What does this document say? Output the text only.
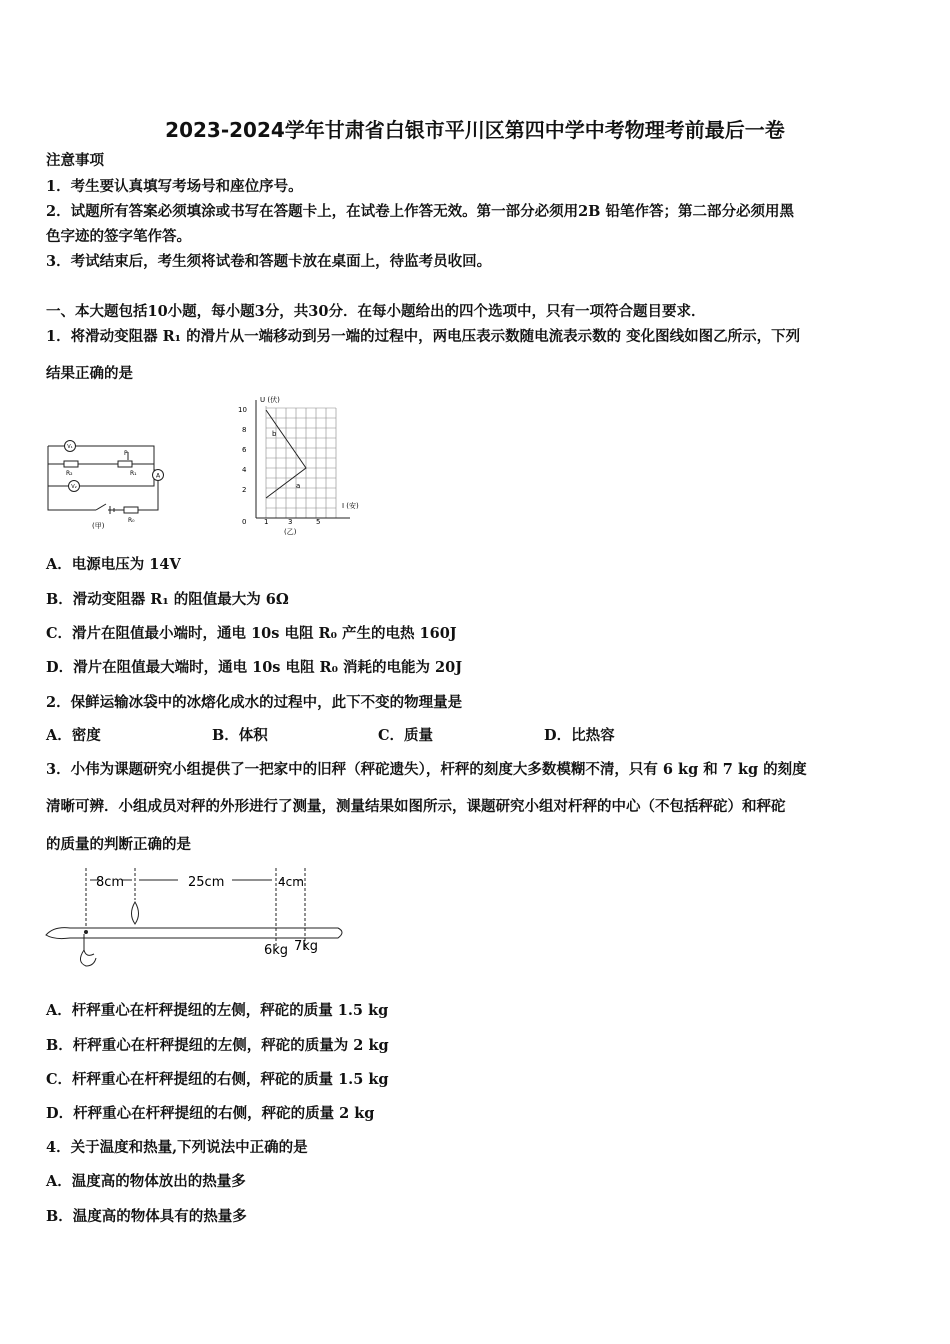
2023-2024学年甘肃省白银市平川区第四中学中考物理考前最后一卷
注意事项
1．考生要认真填写考场号和座位序号。
2．试题所有答案必须填涂或书写在答题卡上，在试卷上作答无效。第一部分必须用2B 铅笔作答；第二部分必须用黑
色字迹的签字笔作答。
3．考试结束后，考生须将试卷和答题卡放在桌面上，待监考员收回。
一、本大题包括10小题，每小题3分，共30分．在每小题给出的四个选项中，只有一项符合题目要求．
1．将滑动变阻器 R₁ 的滑片从一端移动到另一端的过程中，两电压表示数随电流表示数的 变化图线如图乙所示，下列
结果正确的是
V₁
V₂
A
R₂
P
R₁
R₀
(甲)
U (伏)
I (安)
10
8
6
4
2
0	1	3	5
b
a
(乙)
A．电源电压为 14V
B．滑动变阻器 R₁ 的阻值最大为 6Ω
C．滑片在阻值最小端时，通电 10s 电阻 R₀ 产生的电热 160J
D．滑片在阻值最大端时，通电 10s 电阻 R₀ 消耗的电能为 20J
2．保鲜运输冰袋中的冰熔化成水的过程中，此下不变的物理量是
A．密度	B．体积	C．质量	D．比热容
3．小伟为课题研究小组提供了一把家中的旧秤（秤砣遗失），杆秤的刻度大多数模糊不清，只有 6 kg 和 7 kg 的刻度
清晰可辨．小组成员对秤的外形进行了测量，测量结果如图所示，课题研究小组对杆秤的中心（不包括秤砣）和秤砣
的质量的判断正确的是
8cm	25cm	4cm
6kg 7kg
A．杆秤重心在杆秤提纽的左侧，秤砣的质量 1.5 kg
B．杆秤重心在杆秤提纽的左侧，秤砣的质量为 2 kg
C．杆秤重心在杆秤提纽的右侧，秤砣的质量 1.5 kg
D．杆秤重心在杆秤提纽的右侧，秤砣的质量 2 kg
4．关于温度和热量,下列说法中正确的是
A．温度高的物体放出的热量多
B．温度高的物体具有的热量多
